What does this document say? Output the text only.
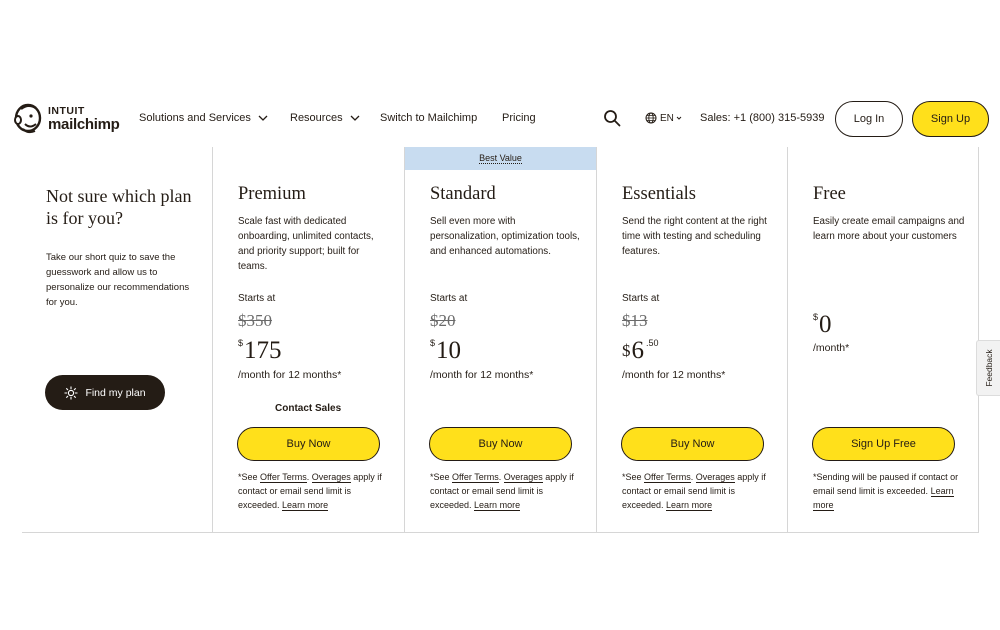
INTUIT
mailchimp Solutions and Services	Resources	Switch to Mailchimp Pricing	EN Sales: +1 (800) 315-5939	Log In	Sign Up
Not sure which plan is for you?
Take our short quiz to save the guesswork and allow us to personalize our recommendations for you.
Find my plan
Premium
Scale fast with dedicated onboarding, unlimited contacts, and priority support; built for teams.
Starts at
$350
$ 175
/month for 12 months*
Contact Sales
Buy Now
*See Offer Terms. Overages apply if contact or email send limit is exceeded. Learn more
Best Value
Standard
Sell even more with personalization, optimization tools, and enhanced automations.
Starts at
$20
$ 10
/month for 12 months*
Buy Now
*See Offer Terms. Overages apply if contact or email send limit is exceeded. Learn more
Essentials
Send the right content at the right time with testing and scheduling features.
Starts at
$13
$ 6 .50
/month for 12 months*
Buy Now
*See Offer Terms. Overages apply if contact or email send limit is exceeded. Learn more
Free
Easily create email campaigns and learn more about your customers
$ 0
/month*
Sign Up Free
*Sending will be paused if contact or email send limit is exceeded. Learn more
Feedback
